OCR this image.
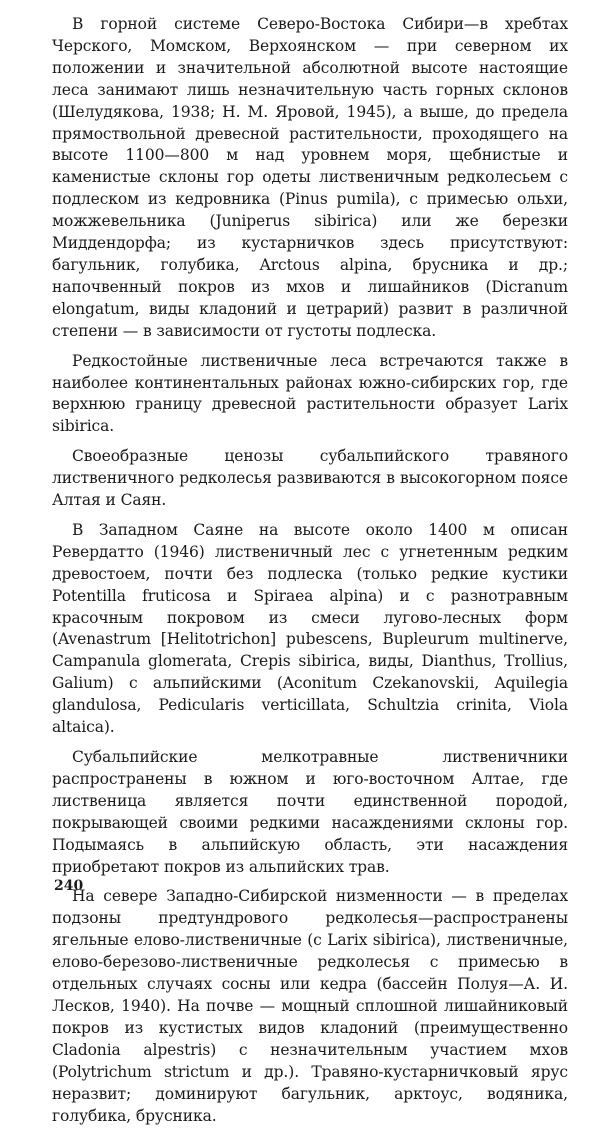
В горной системе Северо-Востока Сибири—в хребтах Черского, Момском, Верхоянском — при северном их положении и значительной абсолютной высоте настоящие леса занимают лишь незначительную часть горных склонов (Шелудякова, 1938; Н. М. Яровой, 1945), а выше, до предела прямоствольной древесной растительности, проходящего на высоте 1100—800 м над уровнем моря, щебнистые и каменистые склоны гор одеты лиственичным редколесьем с подлеском из кедровника (Pinus pumila), с примесью ольхи, можжевельника (Juniperus sibirica) или же березки Миддендорфа; из кустарничков здесь присутствуют: багульник, голубика, Arctous alpina, брусника и др.; напочвенный покров из мхов и лишайников (Dicranum elongatum, виды кладоний и цетрарий) развит в различной степени — в зависимости от густоты подлеска.

Редкостойные лиственичные леса встречаются также в наиболее континентальных районах южно-сибирских гор, где верхнюю границу древесной растительности образует Larix sibirica.

Своеобразные ценозы субальпийского травяного лиственичного редколесья развиваются в высокогорном поясе Алтая и Саян.

В Западном Саяне на высоте около 1400 м описан Ревердатто (1946) лиственичный лес с угнетенным редким древостоем, почти без подлеска (только редкие кустики Potentilla fruticosa и Spiraea alpina) и с разнотравным красочным покровом из смеси лугово-лесных форм (Avenastrum [Helitotrichon] pubescens, Bupleurum multinerve, Campanula glomerata, Crepis sibirica, виды, Dianthus, Trollius, Galium) с альпийскими (Aconitum Czekanovskii, Aquilegia glandulosa, Pedicularis verticillata, Schultzia crinita, Viola altaica).

Субальпийские мелкотравные лиственичники распространены в южном и юго-восточном Алтае, где лиственица является почти единственной породой, покрывающей своими редкими насаждениями склоны гор. Подымаясь в альпийскую область, эти насаждения приобретают покров из альпийских трав.

На севере Западно-Сибирской низменности — в пределах подзоны предтундрового редколесья—распространены ягельные елово-лиственичные (с Larix sibirica), лиственичные, елово-березово-лиственичные редколесья с примесью в отдельных случаях сосны или кедра (бассейн Полуя—А. И. Лесков, 1940). На почве — мощный сплошной лишайниковый покров из кустистых видов кладоний (преимущественно Cladonia alpestris) с незначительным участием мхов (Polytrichum strictum и др.). Травяно-кустарничковый ярус неразвит; доминируют багульник, арктоус, водяника, голубика, брусника.

240
